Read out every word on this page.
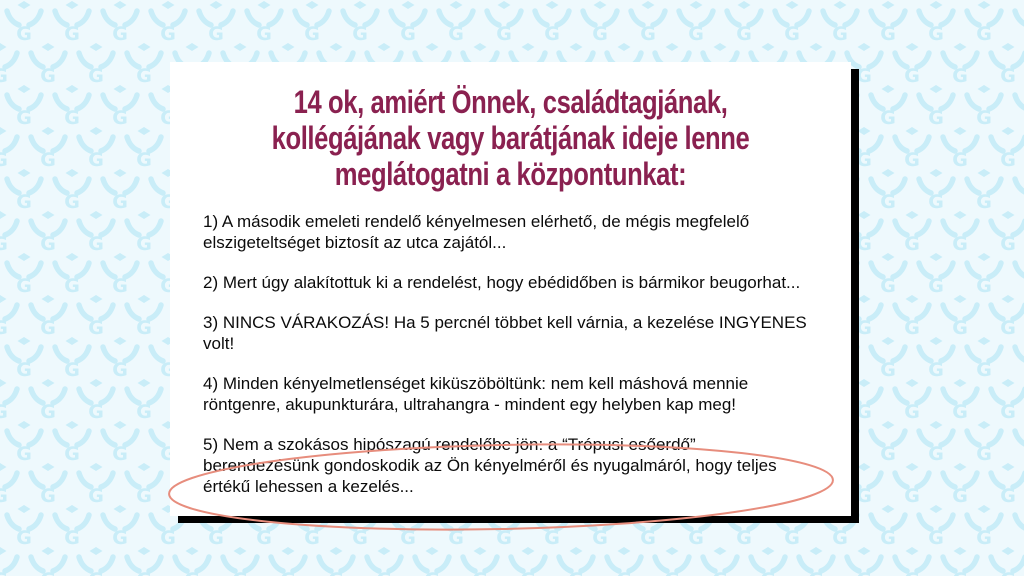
14 ok, amiért Önnek, családtagjának,
kollégájának vagy barátjának ideje lenne
meglátogatni a központunkat:

1) A második emeleti rendelő kényelmesen elérhető, de mégis megfelelő elszigeteltséget biztosít az utca zajától...

2) Mert úgy alakítottuk ki a rendelést, hogy ebédidőben is bármikor beugorhat...

3) NINCS VÁRAKOZÁS! Ha 5 percnél többet kell várnia, a kezelése INGYENES volt!

4) Minden kényelmetlenséget kiküszöböltünk: nem kell máshová mennie röntgenre, akupunkturára, ultrahangra - mindent egy helyben kap meg!

5) Nem a szokásos hipószagú rendelőbe jön: a “Trópusi esőerdő” berendezésünk gondoskodik az Ön kényelméről és nyugalmáról, hogy teljes értékű lehessen a kezelés...
